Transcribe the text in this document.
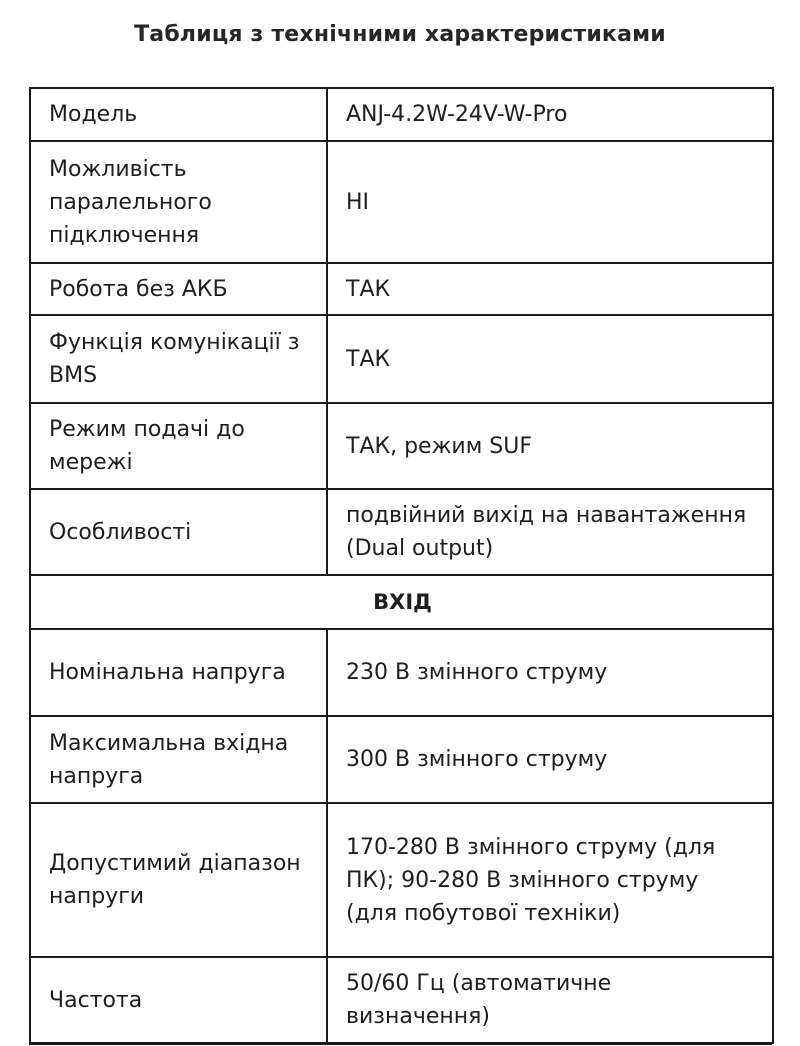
Таблиця з технічними характеристиками
Модель	ANJ-4.2W-24V-W-Pro
Можливість паралельного підключення	НІ
Робота без АКБ	ТАК
Функція комунікації з BMS	ТАК
Режим подачі до мережі	ТАК, режим SUF
Особливості	подвійний вихід на навантаження (Dual output)
ВХІД	
Номінальна напруга	230 В змінного струму
Максимальна вхідна напруга	300 В змінного струму
Допустимий діапазон напруги	170-280 В змінного струму (для ПК); 90-280 В змінного струму (для побутової техніки)
Частота	50/60 Гц (автоматичне визначення)
